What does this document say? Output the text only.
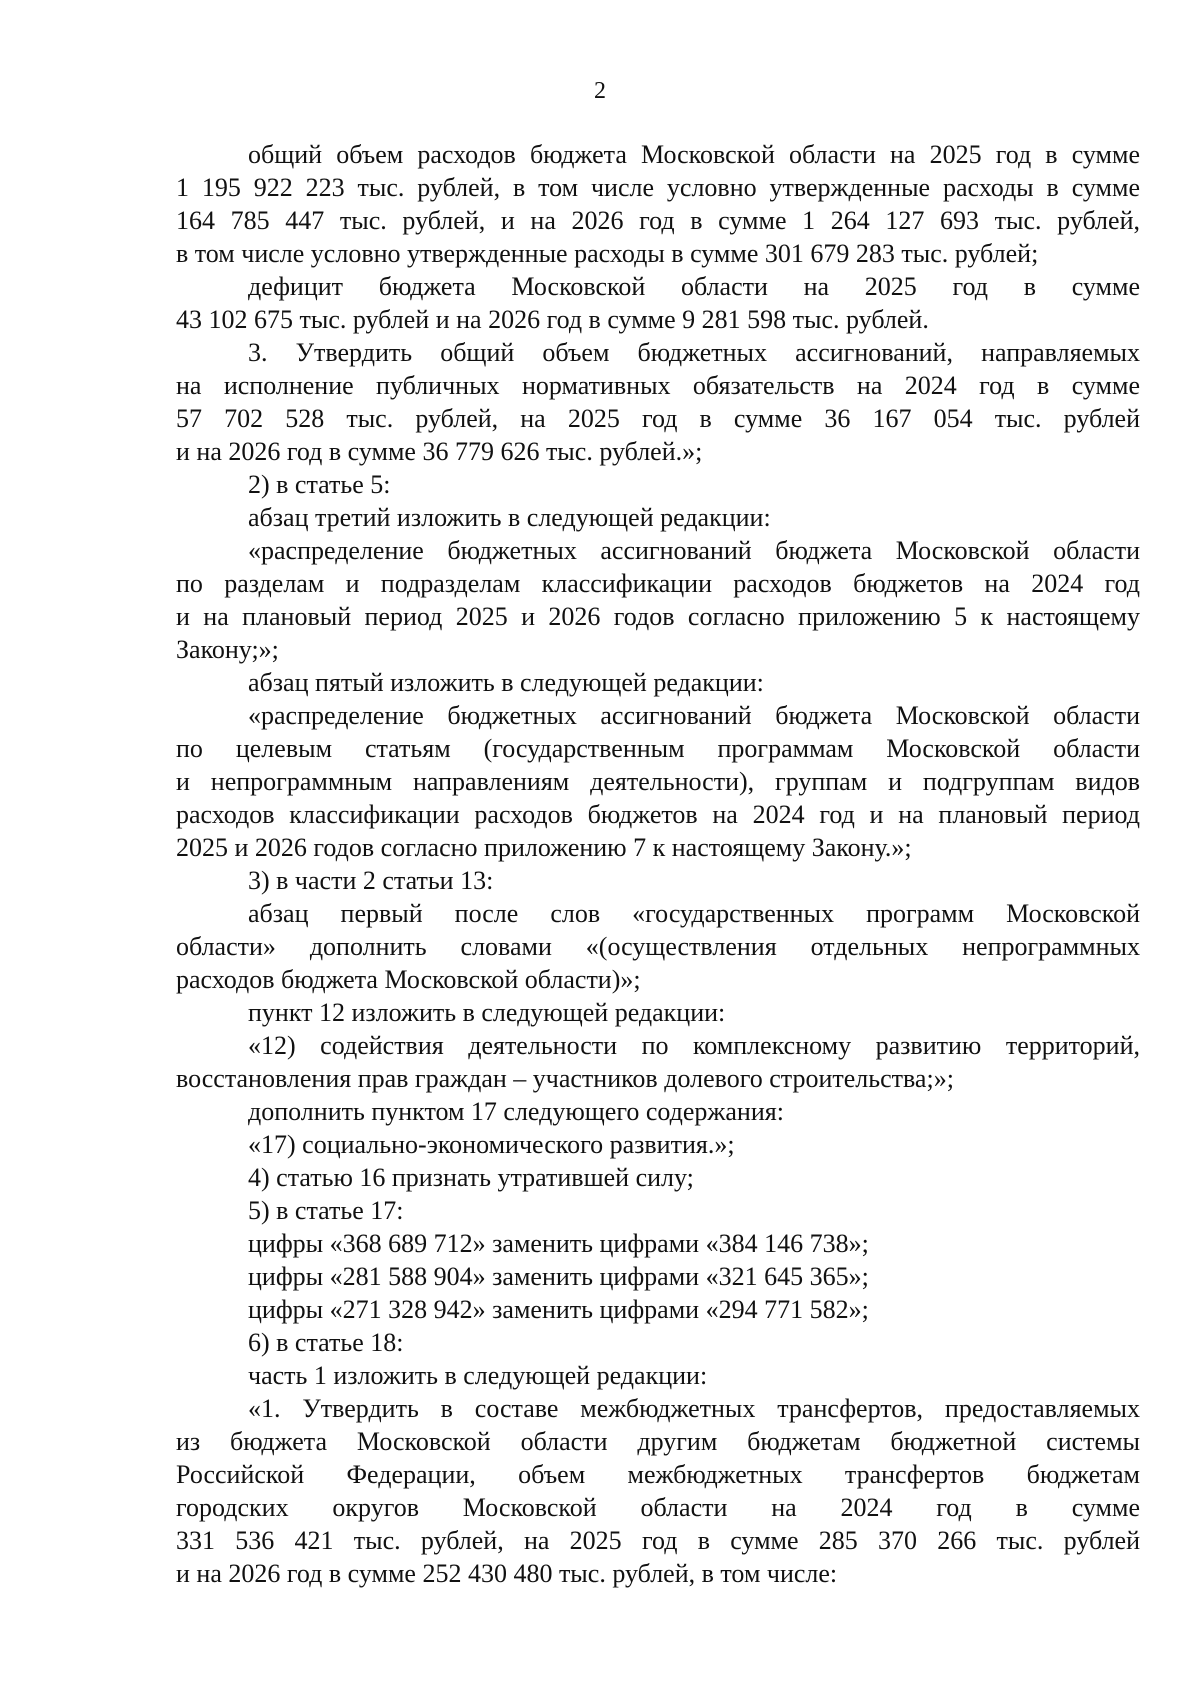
2
общий объем расходов бюджета Московской области на 2025 год в сумме
1 195 922 223 тыс. рублей, в том числе условно утвержденные расходы в сумме
164 785 447 тыс. рублей, и на 2026 год в сумме 1 264 127 693 тыс. рублей,
в том числе условно утвержденные расходы в сумме 301 679 283 тыс. рублей;
дефицит бюджета Московской области на 2025 год в сумме
43 102 675 тыс. рублей и на 2026 год в сумме 9 281 598 тыс. рублей.
3. Утвердить общий объем бюджетных ассигнований, направляемых
на исполнение публичных нормативных обязательств на 2024 год в сумме
57 702 528 тыс. рублей, на 2025 год в сумме 36 167 054 тыс. рублей
и на 2026 год в сумме 36 779 626 тыс. рублей.»;
2) в статье 5:
абзац третий изложить в следующей редакции:
«распределение бюджетных ассигнований бюджета Московской области
по разделам и подразделам классификации расходов бюджетов на 2024 год
и на плановый период 2025 и 2026 годов согласно приложению 5 к настоящему
Закону;»;
абзац пятый изложить в следующей редакции:
«распределение бюджетных ассигнований бюджета Московской области
по целевым статьям (государственным программам Московской области
и непрограммным направлениям деятельности), группам и подгруппам видов
расходов классификации расходов бюджетов на 2024 год и на плановый период
2025 и 2026 годов согласно приложению 7 к настоящему Закону.»;
3) в части 2 статьи 13:
абзац первый после слов «государственных программ Московской
области» дополнить словами «(осуществления отдельных непрограммных
расходов бюджета Московской области)»;
пункт 12 изложить в следующей редакции:
«12) содействия деятельности по комплексному развитию территорий,
восстановления прав граждан – участников долевого строительства;»;
дополнить пунктом 17 следующего содержания:
«17) социально-экономического развития.»;
4) статью 16 признать утратившей силу;
5) в статье 17:
цифры «368 689 712» заменить цифрами «384 146 738»;
цифры «281 588 904» заменить цифрами «321 645 365»;
цифры «271 328 942» заменить цифрами «294 771 582»;
6) в статье 18:
часть 1 изложить в следующей редакции:
«1. Утвердить в составе межбюджетных трансфертов, предоставляемых
из бюджета Московской области другим бюджетам бюджетной системы
Российской Федерации, объем межбюджетных трансфертов бюджетам
городских округов Московской области на 2024 год в сумме
331 536 421 тыс. рублей, на 2025 год в сумме 285 370 266 тыс. рублей
и на 2026 год в сумме 252 430 480 тыс. рублей, в том числе:
